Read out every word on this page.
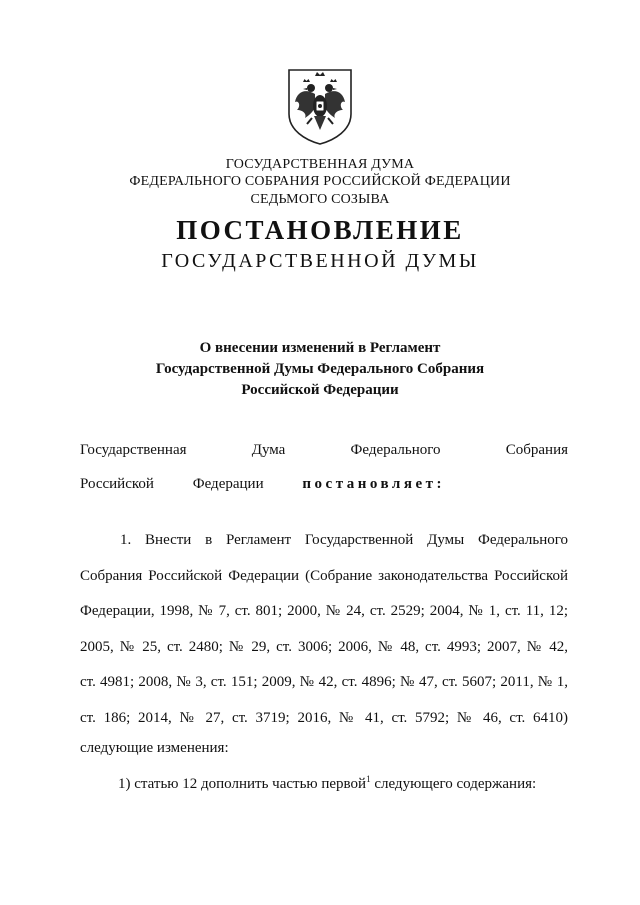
ГОСУДАРСТВЕННАЯ ДУМА
ФЕДЕРАЛЬНОГО СОБРАНИЯ РОССИЙСКОЙ ФЕДЕРАЦИИ
СЕДЬМОГО СОЗЫВА
ПОСТАНОВЛЕНИЕ
ГОСУДАРСТВЕННОЙ ДУМЫ
О внесении изменений в Регламент
Государственной Думы Федерального Собрания
Российской Федерации
Государственная	Дума	Федерального	Собрания
Российской	Федерации	постановляет:
1. Внести в Регламент Государственной Думы Федерального
Собрания Российской Федерации (Собрание законодательства Российской
Федерации, 1998, № 7, ст. 801; 2000, № 24, ст. 2529; 2004, № 1, ст. 11, 12;
2005, № 25, ст. 2480; № 29, ст. 3006; 2006, № 48, ст. 4993; 2007, № 42,
ст. 4981; 2008, № 3, ст. 151; 2009, № 42, ст. 4896; № 47, ст. 5607; 2011, № 1,
ст. 186; 2014, № 27, ст. 3719; 2016, № 41, ст. 5792; № 46, ст. 6410)
следующие изменения:
1) статью 12 дополнить частью первой$^1$ следующего содержания:
